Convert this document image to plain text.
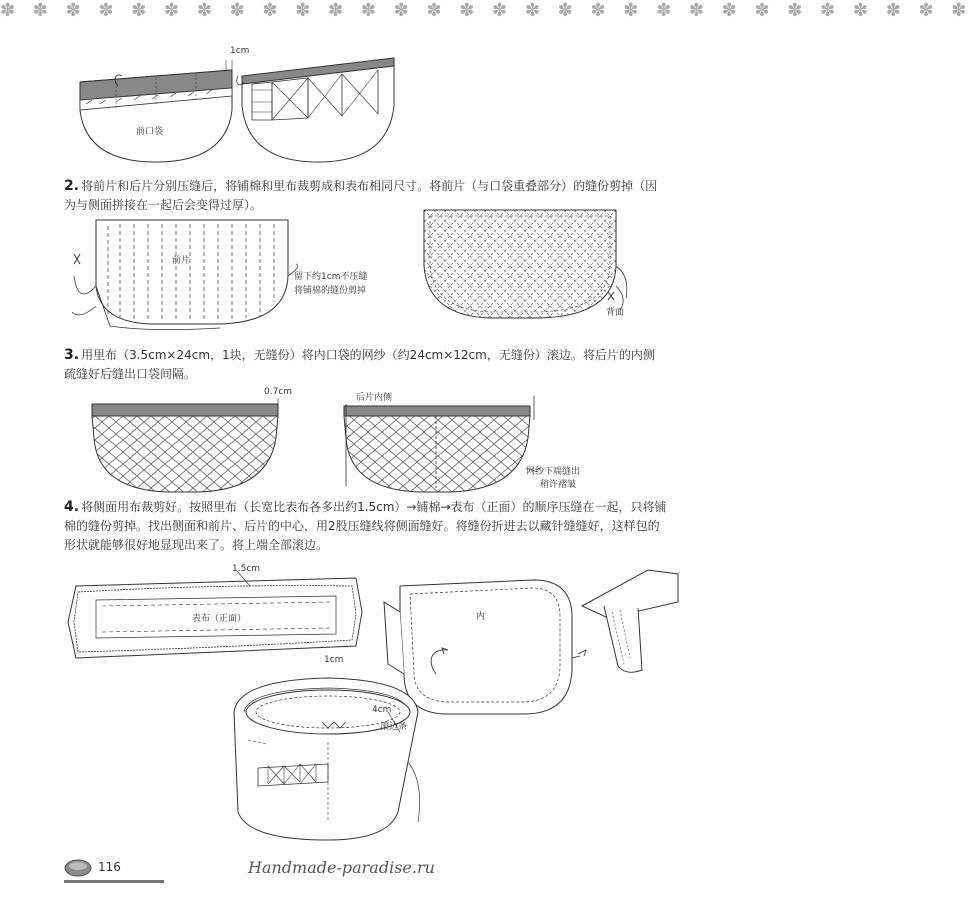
✽ ✽ ✽ ✽ ✽ ✽ ✽ ✽ ✽ ✽ ✽ ✽ ✽ ✽ ✽ ✽ ✽ ✽ ✽ ✽ ✽ ✽ ✽ ✽ ✽ ✽ ✽ ✽ ✽ ✽
1cm
前口袋
2. 将前片和后片分别压缝后，将铺棉和里布裁剪成和表布相同尺寸。将前片（与口袋重叠部分）的缝份剪掉（因为与侧面拼接在一起后会变得过厚）。
前片
留下约1cm不压缝
将铺棉的缝份剪掉
背面
3. 用里布（3.5cm×24cm，1块，无缝份）将内口袋的网纱（约24cm×12cm，无缝份）滚边。将后片的内侧疏缝好后缝出口袋间隔。
0.7cm
后片内侧
网纱下端缝出
稍许褶皱
4. 将侧面用布裁剪好。按照里布（长宽比表布各多出约1.5cm）→铺棉→表布（正面）的顺序压缝在一起，只将铺棉的缝份剪掉。找出侧面和前片、后片的中心，用2股压缝线将侧面缝好。将缝份折进去以藏针缝缝好，这样包的形状就能够很好地显现出来了。将上端全部滚边。
1.5cm
表布（正面）	内
1cm
4cm
滚边条
116	Handmade-paradise.ru
